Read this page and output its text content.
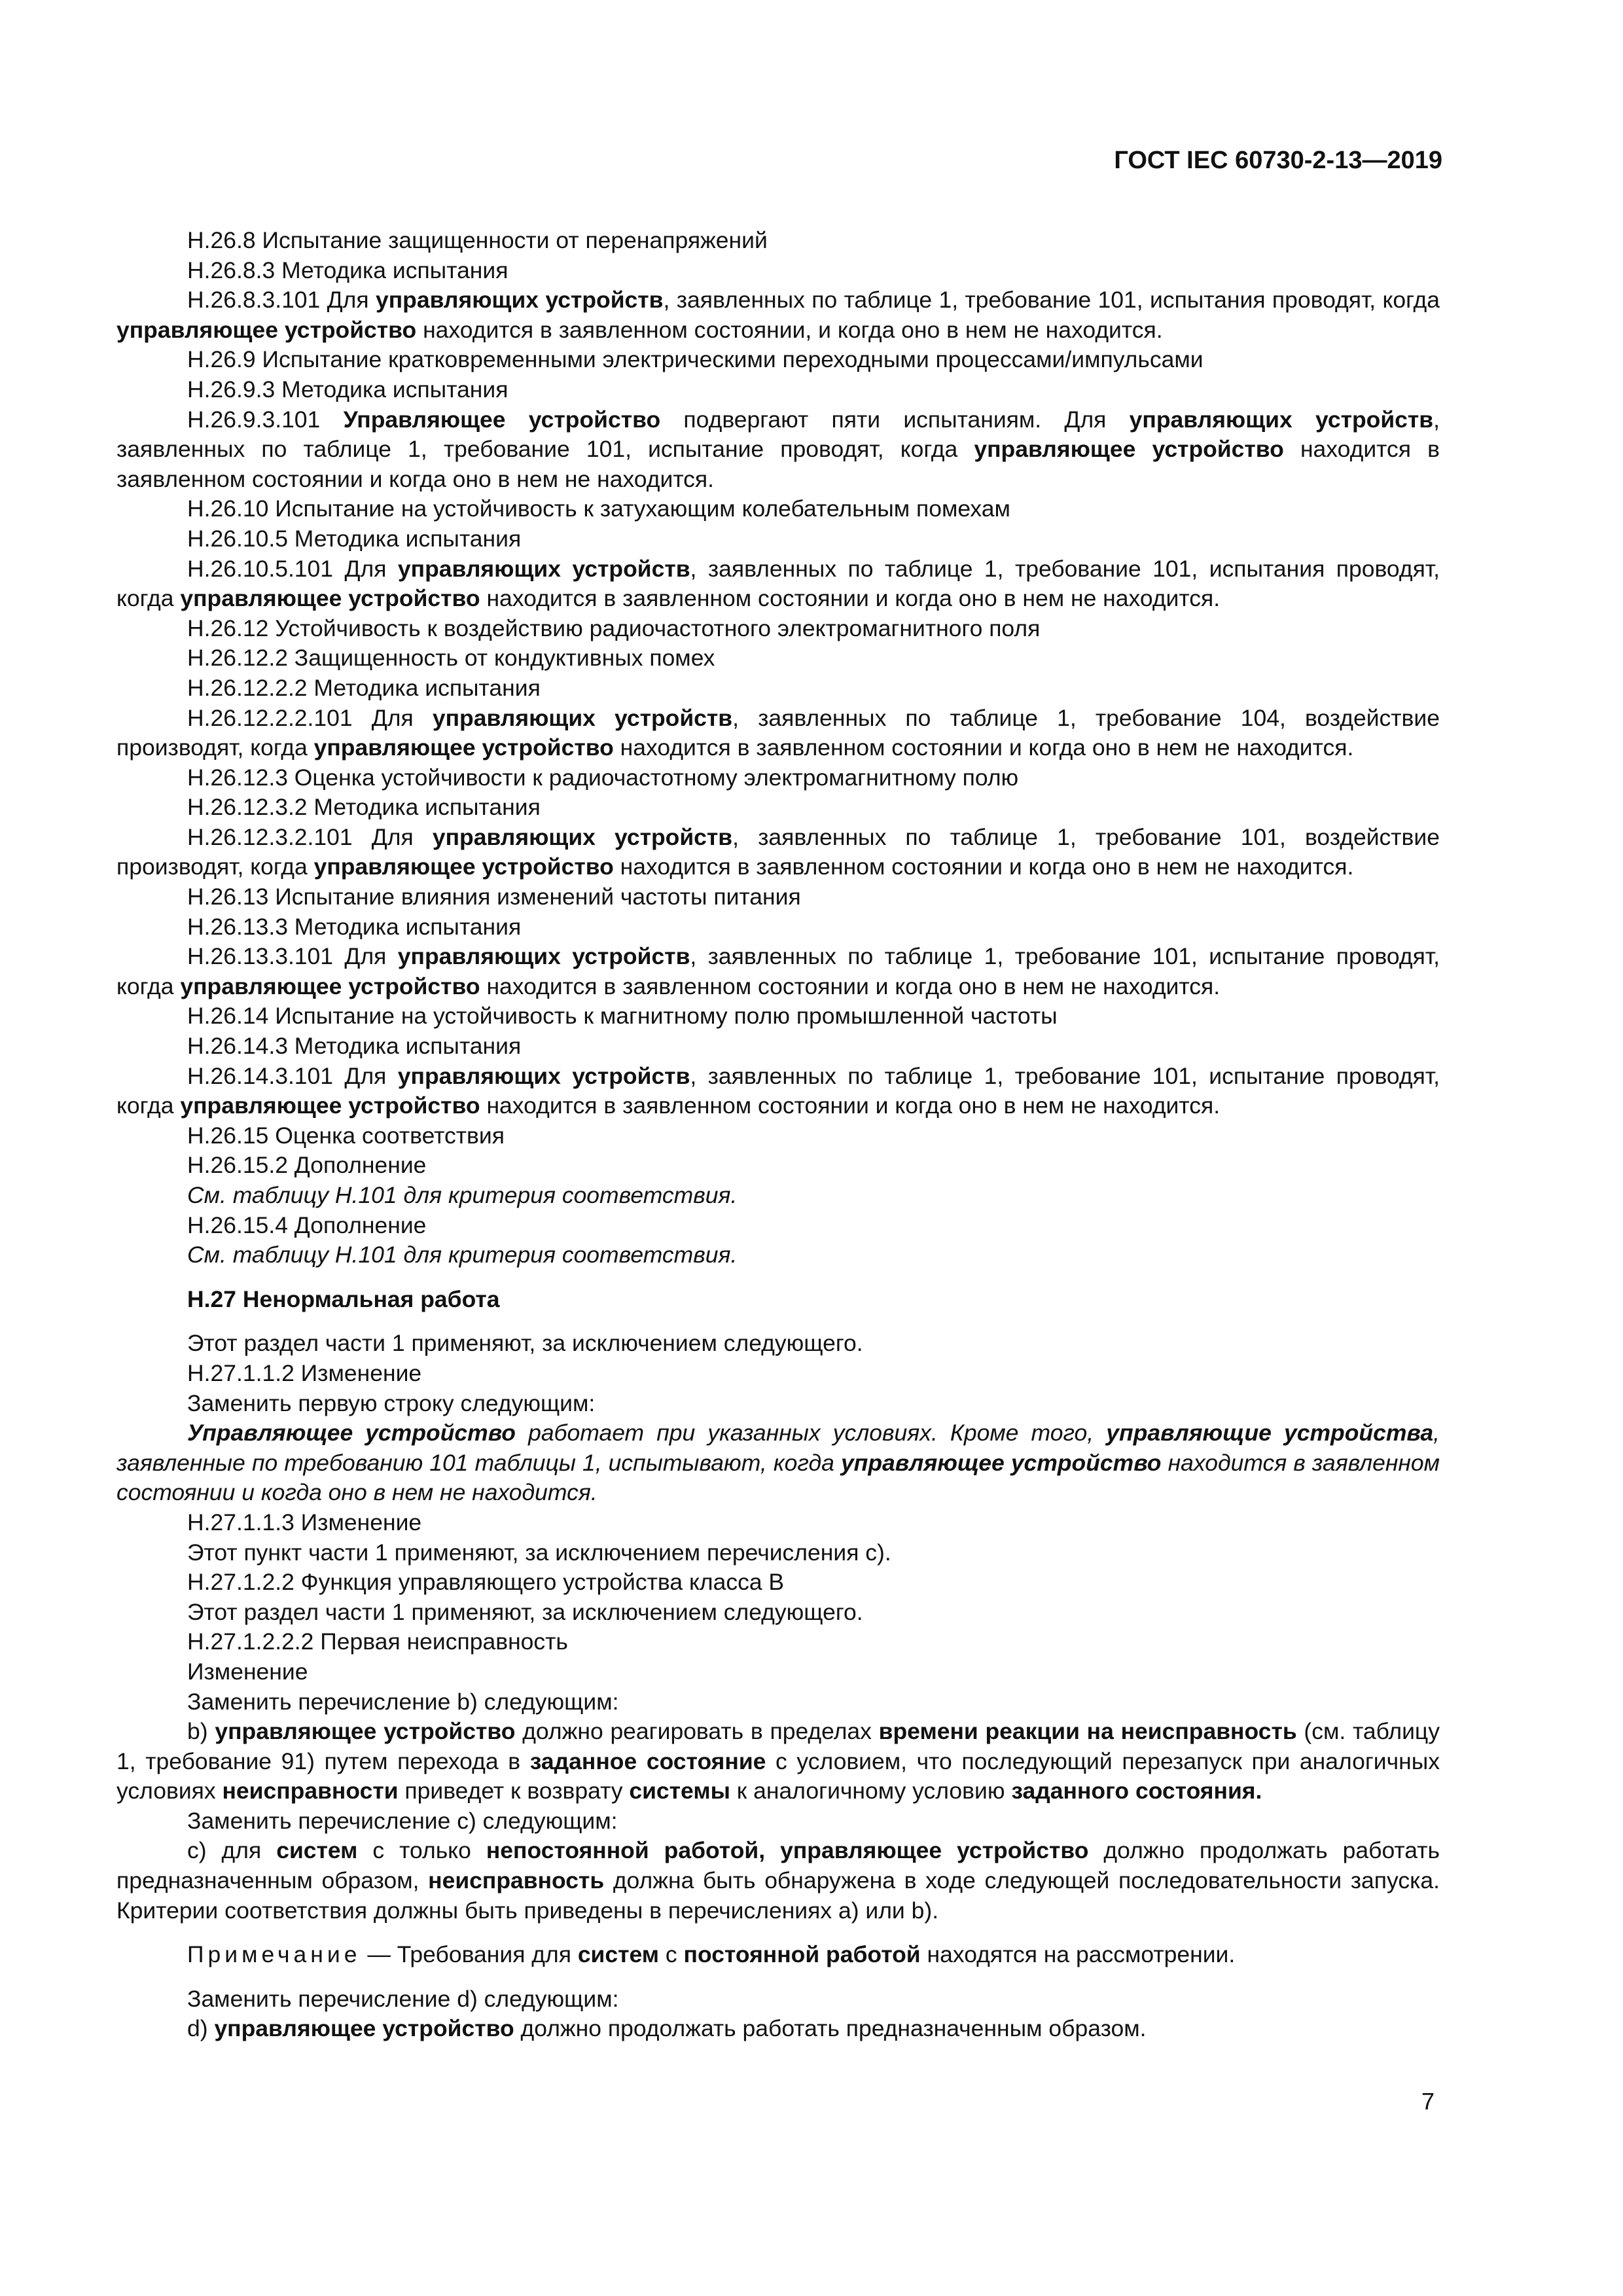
ГОСТ IEC 60730-2-13—2019

H.26.8 Испытание защищенности от перенапряжений

H.26.8.3 Методика испытания

H.26.8.3.101 Для управляющих устройств, заявленных по таблице 1, требование 101, испытания проводят, когда управляющее устройство находится в заявленном состоянии, и когда оно в нем не находится.

H.26.9 Испытание кратковременными электрическими переходными процессами/импульсами

H.26.9.3 Методика испытания

H.26.9.3.101 Управляющее устройство подвергают пяти испытаниям. Для управляющих устройств, заявленных по таблице 1, требование 101, испытание проводят, когда управляющее устройство находится в заявленном состоянии и когда оно в нем не находится.

H.26.10 Испытание на устойчивость к затухающим колебательным помехам

H.26.10.5 Методика испытания

H.26.10.5.101 Для управляющих устройств, заявленных по таблице 1, требование 101, испытания проводят, когда управляющее устройство находится в заявленном состоянии и когда оно в нем не находится.

H.26.12 Устойчивость к воздействию радиочастотного электромагнитного поля

H.26.12.2 Защищенность от кондуктивных помех

H.26.12.2.2 Методика испытания

H.26.12.2.2.101 Для управляющих устройств, заявленных по таблице 1, требование 104, воздействие производят, когда управляющее устройство находится в заявленном состоянии и когда оно в нем не находится.

H.26.12.3 Оценка устойчивости к радиочастотному электромагнитному полю

H.26.12.3.2 Методика испытания

H.26.12.3.2.101 Для управляющих устройств, заявленных по таблице 1, требование 101, воздействие производят, когда управляющее устройство находится в заявленном состоянии и когда оно в нем не находится.

H.26.13 Испытание влияния изменений частоты питания

H.26.13.3 Методика испытания

H.26.13.3.101 Для управляющих устройств, заявленных по таблице 1, требование 101, испытание проводят, когда управляющее устройство находится в заявленном состоянии и когда оно в нем не находится.

H.26.14 Испытание на устойчивость к магнитному полю промышленной частоты

H.26.14.3 Методика испытания

H.26.14.3.101 Для управляющих устройств, заявленных по таблице 1, требование 101, испытание проводят, когда управляющее устройство находится в заявленном состоянии и когда оно в нем не находится.

H.26.15 Оценка соответствия

H.26.15.2 Дополнение

См. таблицу H.101 для критерия соответствия.

H.26.15.4 Дополнение

См. таблицу H.101 для критерия соответствия.

H.27 Ненормальная работа

Этот раздел части 1 применяют, за исключением следующего.

H.27.1.1.2 Изменение

Заменить первую строку следующим:

Управляющее устройство работает при указанных условиях. Кроме того, управляющие устройства, заявленные по требованию 101 таблицы 1, испытывают, когда управляющее устройство находится в заявленном состоянии и когда оно в нем не находится.

H.27.1.1.3 Изменение

Этот пункт части 1 применяют, за исключением перечисления с).

H.27.1.2.2 Функция управляющего устройства класса В

Этот раздел части 1 применяют, за исключением следующего.

H.27.1.2.2.2 Первая неисправность

Изменение

Заменить перечисление b) следующим:

b) управляющее устройство должно реагировать в пределах времени реакции на неисправность (см. таблицу 1, требование 91) путем перехода в заданное состояние с условием, что последующий перезапуск при аналогичных условиях неисправности приведет к возврату системы к аналогичному условию заданного состояния.

Заменить перечисление с) следующим:

с) для систем с только непостоянной работой, управляющее устройство должно продолжать работать предназначенным образом, неисправность должна быть обнаружена в ходе следующей последовательности запуска. Критерии соответствия должны быть приведены в перечислениях а) или b).

Примечание — Требования для систем с постоянной работой находятся на рассмотрении.

Заменить перечисление d) следующим:

d) управляющее устройство должно продолжать работать предназначенным образом.

7
